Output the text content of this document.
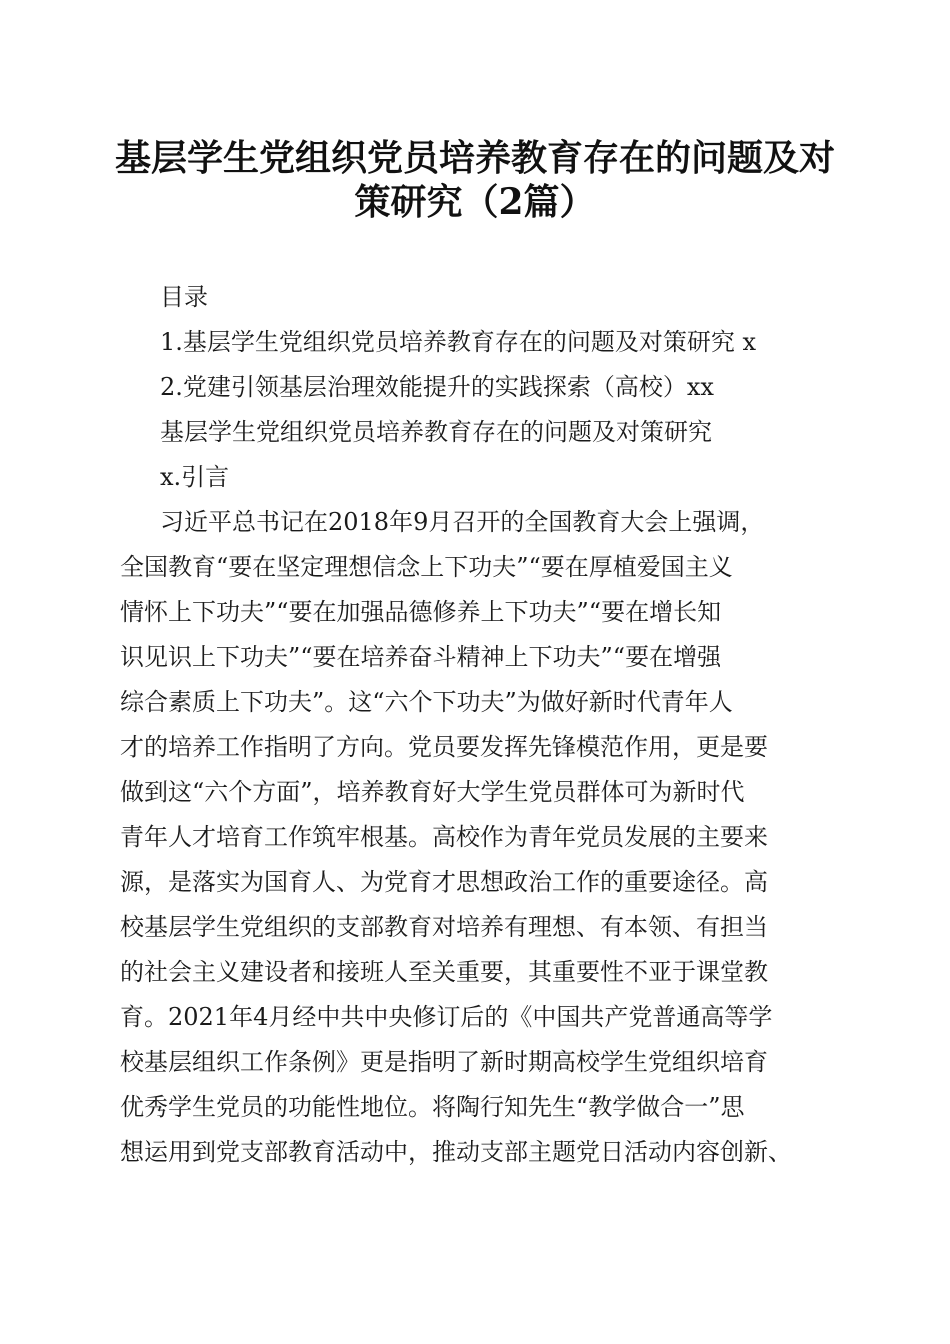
基层学生党组织党员培养教育存在的问题及对
策研究（2篇）

目录

1.基层学生党组织党员培养教育存在的问题及对策研究 x

2.党建引领基层治理效能提升的实践探索（高校）xx

基层学生党组织党员培养教育存在的问题及对策研究

x.引言

习近平总书记在2018年9月召开的全国教育大会上强调，

全国教育“要在坚定理想信念上下功夫”“要在厚植爱国主义

情怀上下功夫”“要在加强品德修养上下功夫”“要在增长知

识见识上下功夫”“要在培养奋斗精神上下功夫”“要在增强

综合素质上下功夫”。这“六个下功夫”为做好新时代青年人

才的培养工作指明了方向。党员要发挥先锋模范作用，更是要

做到这“六个方面”，培养教育好大学生党员群体可为新时代

青年人才培育工作筑牢根基。高校作为青年党员发展的主要来

源，是落实为国育人、为党育才思想政治工作的重要途径。高

校基层学生党组织的支部教育对培养有理想、有本领、有担当

的社会主义建设者和接班人至关重要，其重要性不亚于课堂教

育。2021年4月经中共中央修订后的《中国共产党普通高等学

校基层组织工作条例》更是指明了新时期高校学生党组织培育

优秀学生党员的功能性地位。将陶行知先生“教学做合一”思

想运用到党支部教育活动中，推动支部主题党日活动内容创新、
